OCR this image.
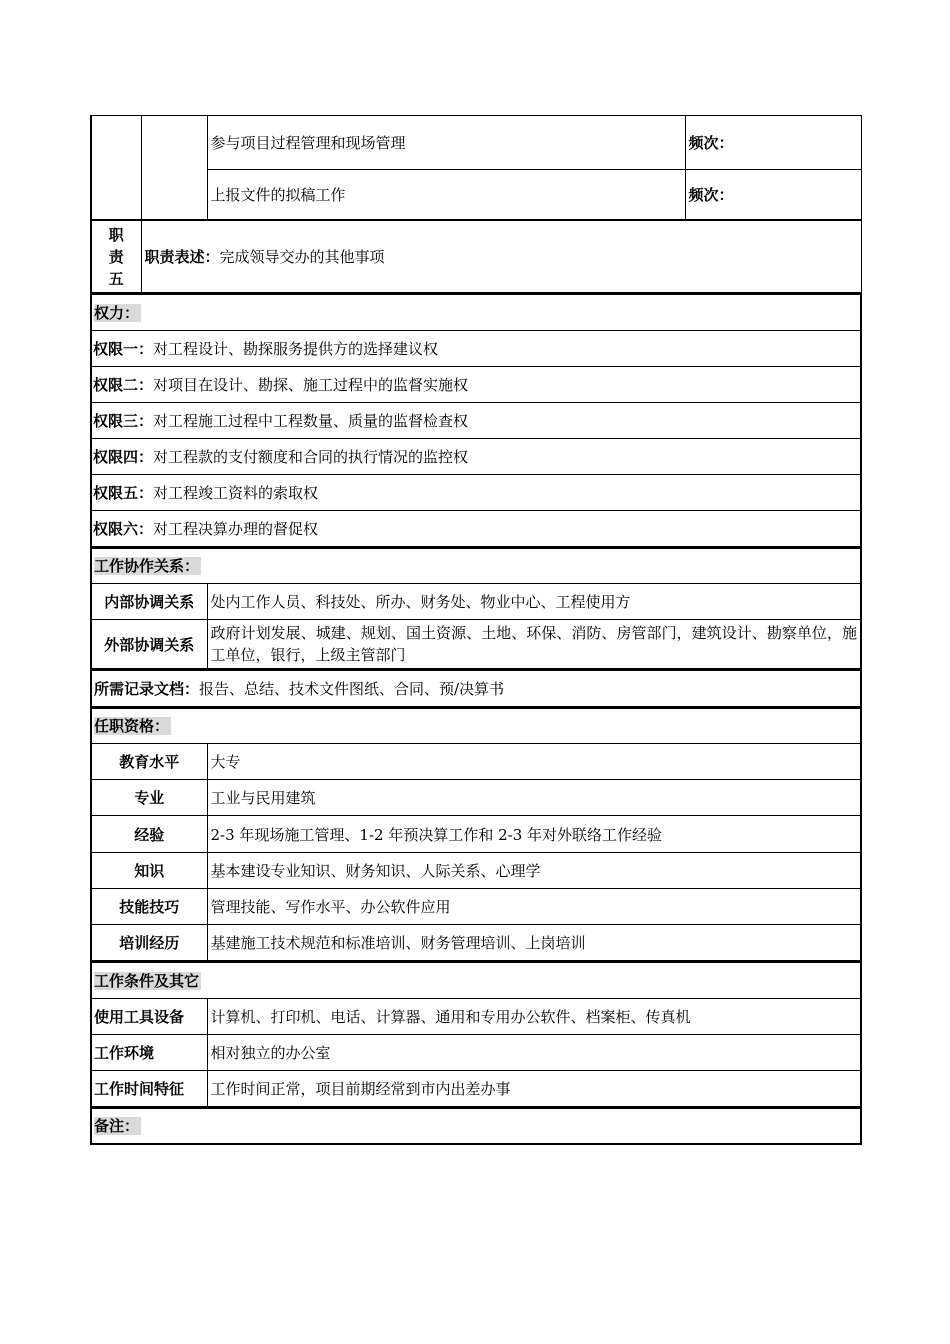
		参与项目过程管理和现场管理	频次：
		上报文件的拟稿工作	频次：
职
责
五
	职责表述：完成领导交办的其他事项
权力：
权限一：对工程设计、勘探服务提供方的选择建议权
权限二：对项目在设计、勘探、施工过程中的监督实施权
权限三：对工程施工过程中工程数量、质量的监督检查权
权限四：对工程款的支付额度和合同的执行情况的监控权
权限五：对工程竣工资料的索取权
权限六：对工程决算办理的督促权
工作协作关系：	
内部协调关系	处内工作人员、科技处、所办、财务处、物业中心、工程使用方
外部协调关系	政府计划发展、城建、规划、国土资源、土地、环保、消防、房管部门，建筑设计、勘察单位，施工单位，银行，上级主管部门
所需记录文档：报告、总结、技术文件图纸、合同、预/决算书
任职资格：	
教育水平	大专
专业	工业与民用建筑
经验	2-3 年现场施工管理、1-2 年预决算工作和 2-3 年对外联络工作经验
知识	基本建设专业知识、财务知识、人际关系、心理学
技能技巧	管理技能、写作水平、办公软件应用
培训经历	基建施工技术规范和标准培训、财务管理培训、上岗培训
工作条件及其它	
使用工具设备	计算机、打印机、电话、计算器、通用和专用办公软件、档案柜、传真机
工作环境	相对独立的办公室
工作时间特征	工作时间正常，项目前期经常到市内出差办事
备注：
